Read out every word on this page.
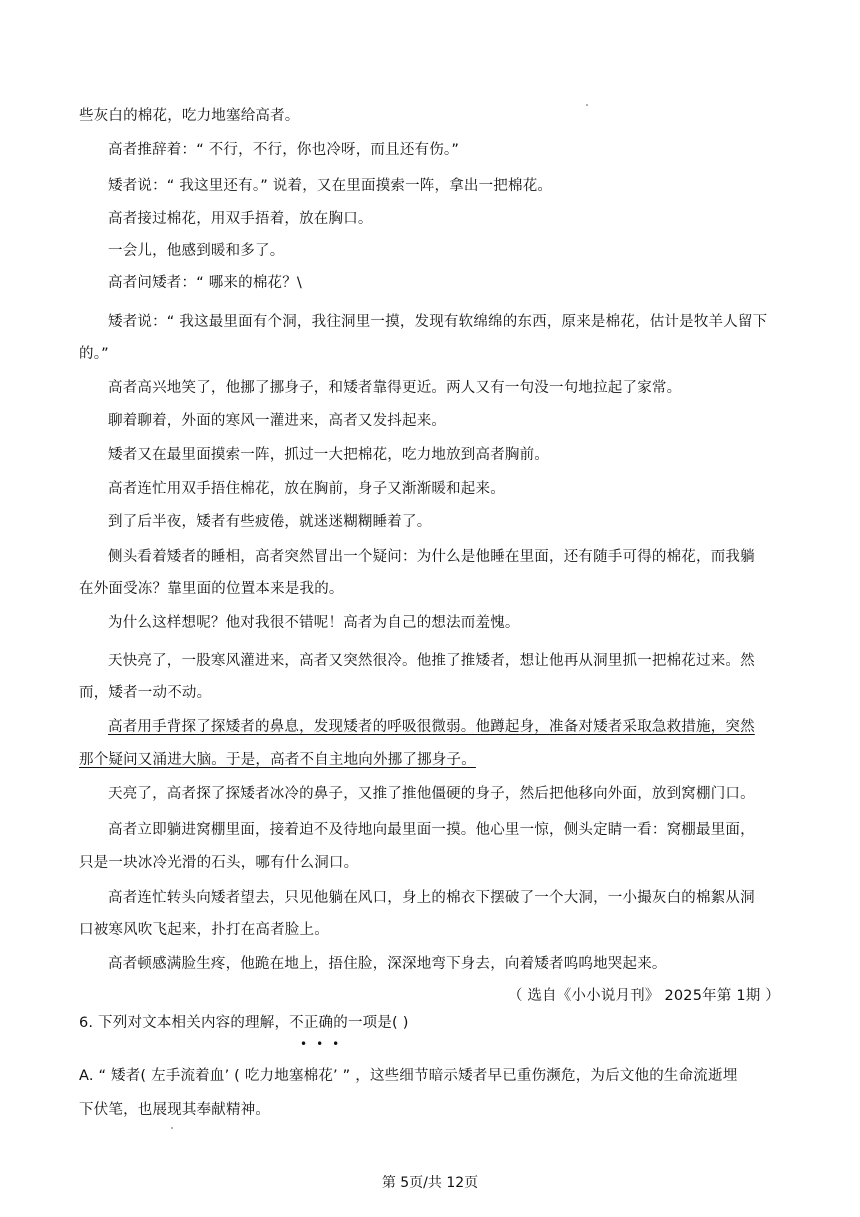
些灰白的棉花，吃力地塞给高者。
高者推辞着：“ 不行，不行，你也冷呀，而且还有伤。”
矮者说：“ 我这里还有。” 说着，又在里面摸索一阵，拿出一把棉花。
高者接过棉花，用双手捂着，放在胸口。
一会儿，他感到暖和多了。
高者问矮者：“ 哪来的棉花？\
矮者说：“ 我这最里面有个洞，我往洞里一摸，发现有软绵绵的东西，原来是棉花，估计是牧羊人留下
的。”
高者高兴地笑了，他挪了挪身子，和矮者靠得更近。两人又有一句没一句地拉起了家常。
聊着聊着，外面的寒风一灌进来，高者又发抖起来。
矮者又在最里面摸索一阵，抓过一大把棉花，吃力地放到高者胸前。
高者连忙用双手捂住棉花，放在胸前，身子又渐渐暖和起来。
到了后半夜，矮者有些疲倦，就迷迷糊糊睡着了。
侧头看着矮者的睡相，高者突然冒出一个疑问：为什么是他睡在里面，还有随手可得的棉花，而我躺
在外面受冻？靠里面的位置本来是我的。
为什么这样想呢？他对我很不错呢！高者为自己的想法而羞愧。
天快亮了，一股寒风灌进来，高者又突然很冷。他推了推矮者，想让他再从洞里抓一把棉花过来。然
而，矮者一动不动。
高者用手背探了探矮者的鼻息，发现矮者的呼吸很微弱。他蹲起身，准备对矮者采取急救措施，突然
那个疑问又涌进大脑。于是，高者不自主地向外挪了挪身子。
天亮了，高者探了探矮者冰冷的鼻子，又推了推他僵硬的身子，然后把他移向外面，放到窝棚门口。
高者立即躺进窝棚里面，接着迫不及待地向最里面一摸。他心里一惊，侧头定睛一看：窝棚最里面，
只是一块冰冷光滑的石头，哪有什么洞口。
高者连忙转头向矮者望去，只见他躺在风口，身上的棉衣下摆破了一个大洞，一小撮灰白的棉絮从洞
口被寒风吹飞起来，扑打在高者脸上。
高者顿感满脸生疼，他跪在地上，捂住脸，深深地弯下身去，向着矮者呜呜地哭起来。
（ 选自《小小说月刊》 2025年第 1期 ）
6. 下列对文本相关内容的理解，不正确的一项是( )
•••
A. “ 矮者( 左手流着血’ ( 吃力地塞棉花’ ” ，这些细节暗示矮者早已重伤濒危，为后文他的生命流逝埋
下伏笔，也展现其奉献精神。
第 5页/共 12页
